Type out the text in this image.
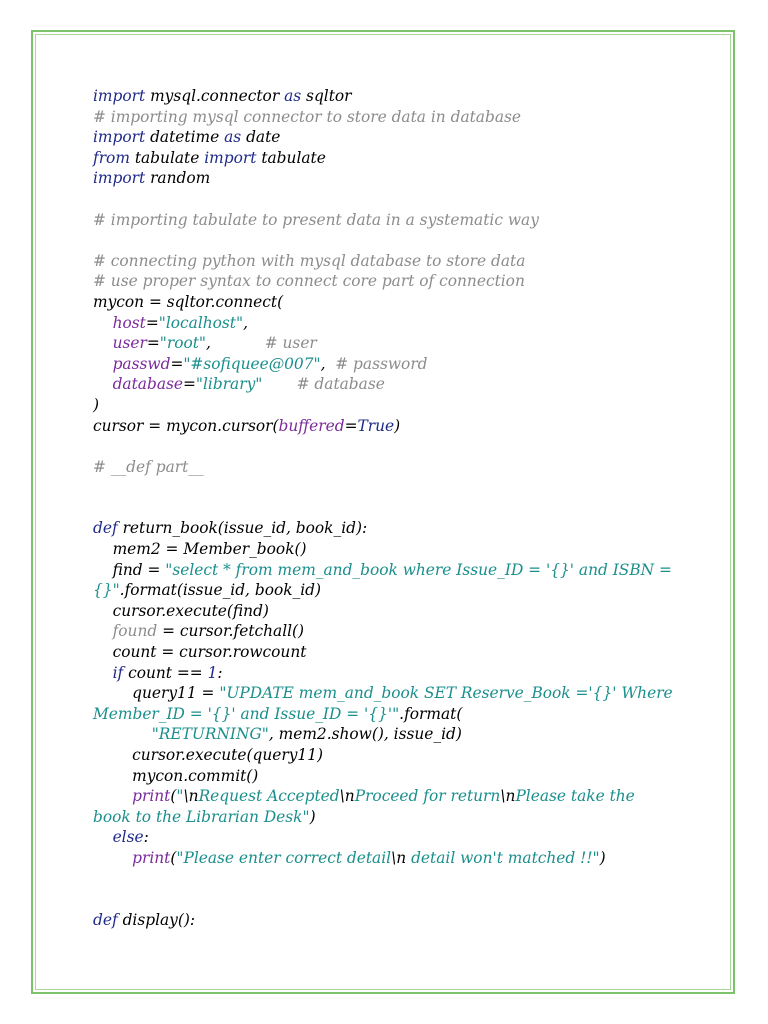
import mysql.connector as sqltor
# importing mysql connector to store data in database
import datetime as date
from tabulate import tabulate
import random
# importing tabulate to present data in a systematic way
# connecting python with mysql database to store data
# use proper syntax to connect core part of connection
mycon = sqltor.connect(
host="localhost",
user="root",           # user
passwd="#sofiquee@007",  # password
database="library" # database
)
cursor = mycon.cursor(buffered=True)
# __def part__
def return_book(issue_id, book_id):
mem2 = Member_book()
find = "select * from mem_and_book where Issue_ID = '{}' and ISBN =
{}".format(issue_id, book_id)
cursor.execute(find)
found = cursor.fetchall()
count = cursor.rowcount
if count == 1:
query11 = "UPDATE mem_and_book SET Reserve_Book ='{}' Where
Member_ID = '{}' and Issue_ID = '{}'".format(
"RETURNING", mem2.show(), issue_id)
cursor.execute(query11)
mycon.commit()
print("\nRequest Accepted\nProceed for return\nPlease take the
book to the Librarian Desk")
else:
print("Please enter correct detail\n detail won't matched !!")
def display():
